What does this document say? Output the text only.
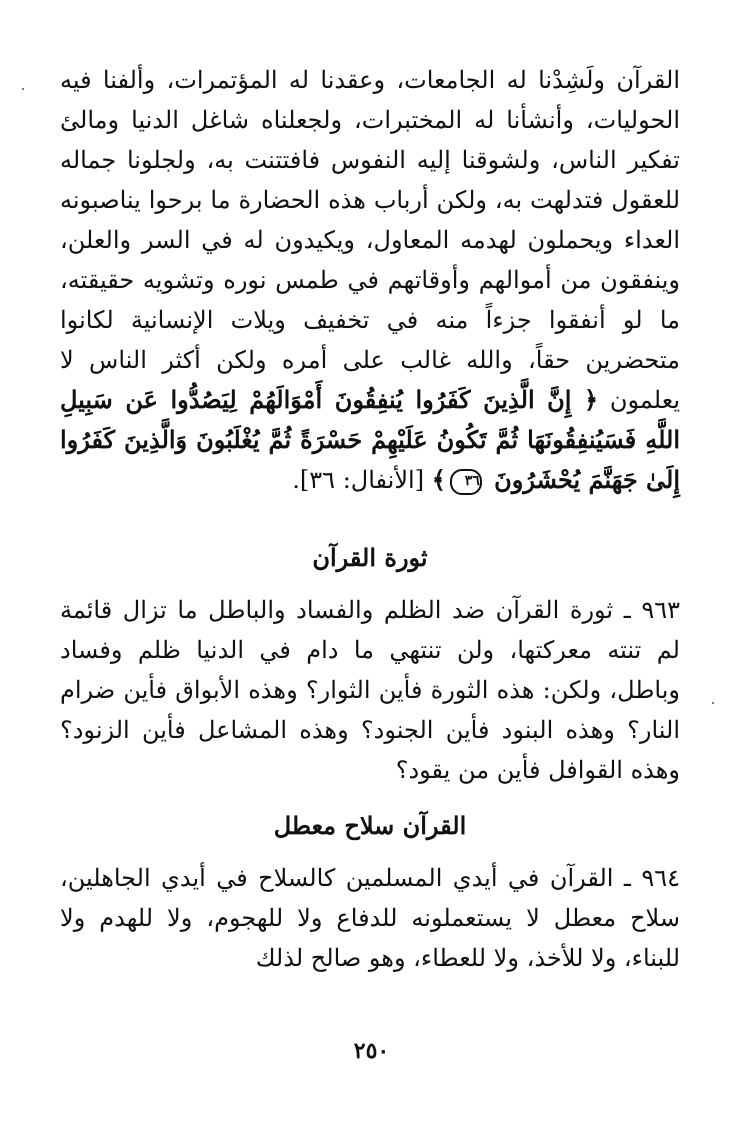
القرآن ولَشِدْنا له الجامعات، وعقدنا له المؤتمرات، وألفنا فيه الحوليات، وأنشأنا له المختبرات، ولجعلناه شاغل الدنيا ومالئ تفكير الناس، ولشوقنا إليه النفوس فافتتنت به، ولجلونا جماله للعقول فتدلهت به، ولكن أرباب هذه الحضارة ما برحوا يناصبونه العداء ويحملون لهدمه المعاول، ويكيدون له في السر والعلن، وينفقون من أموالهم وأوقاتهم في طمس نوره وتشويه حقيقته، ما لو أنفقوا جزءاً منه في تخفيف ويلات الإنسانية لكانوا متحضرين حقاً، والله غالب على أمره ولكن أكثر الناس لا يعلمون ﴿ إِنَّ الَّذِينَ كَفَرُوا يُنفِقُونَ أَمْوَالَهُمْ لِيَصُدُّوا عَن سَبِيلِ اللَّهِ فَسَيُنفِقُونَهَا ثُمَّ تَكُونُ عَلَيْهِمْ حَسْرَةً ثُمَّ يُغْلَبُونَ وَالَّذِينَ كَفَرُوا إِلَىٰ جَهَنَّمَ يُحْشَرُونَ ٣٦﴾ [الأنفال: ٣٦].

ثورة القرآن

٩٦٣ ـ ثورة القرآن ضد الظلم والفساد والباطل ما تزال قائمة لم تنته معركتها، ولن تنتهي ما دام في الدنيا ظلم وفساد وباطل، ولكن: هذه الثورة فأين الثوار؟ وهذه الأبواق فأين ضرام النار؟ وهذه البنود فأين الجنود؟ وهذه المشاعل فأين الزنود؟ وهذه القوافل فأين من يقود؟

القرآن سلاح معطل

٩٦٤ ـ القرآن في أيدي المسلمين كالسلاح في أيدي الجاهلين، سلاح معطل لا يستعملونه للدفاع ولا للهجوم، ولا للهدم ولا للبناء، ولا للأخذ، ولا للعطاء، وهو صالح لذلك

٢٥٠
